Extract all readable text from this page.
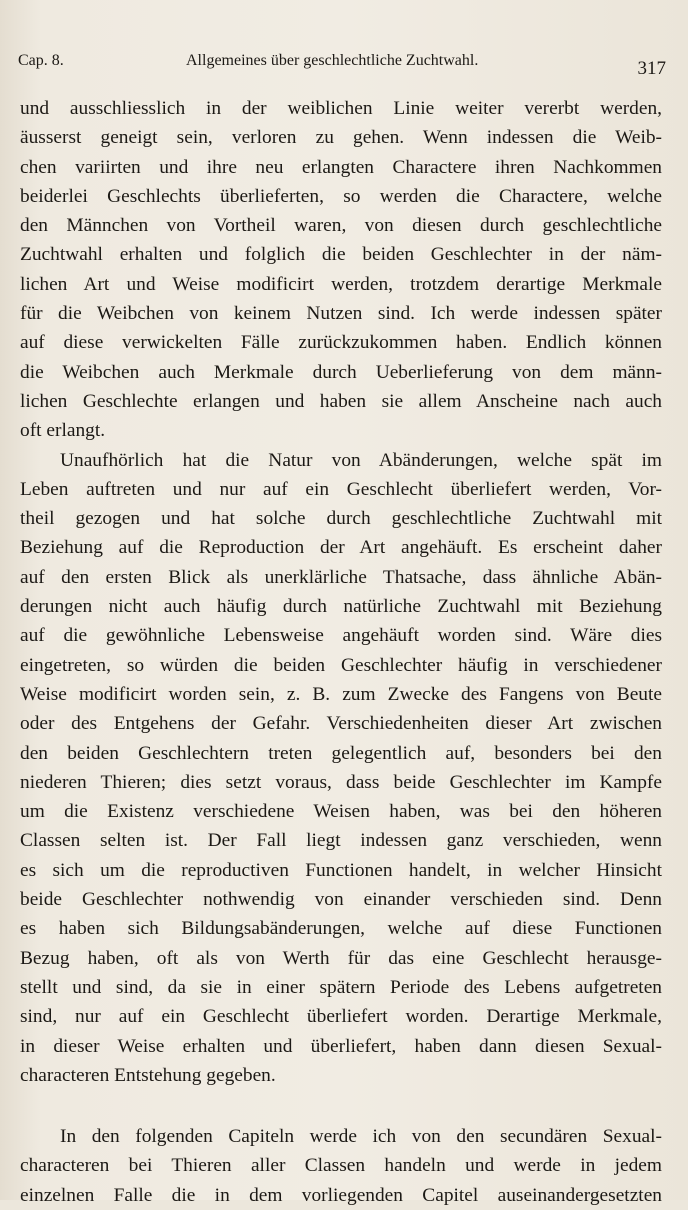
Cap. 8.	Allgemeines über geschlechtliche Zuchtwahl.	317
und ausschliesslich in der weiblichen Linie weiter vererbt werden,
äusserst geneigt sein, verloren zu gehen. Wenn indessen die Weib-
chen variirten und ihre neu erlangten Charactere ihren Nachkommen
beiderlei Geschlechts überlieferten, so werden die Charactere, welche
den Männchen von Vortheil waren, von diesen durch geschlechtliche
Zuchtwahl erhalten und folglich die beiden Geschlechter in der näm-
lichen Art und Weise modificirt werden, trotzdem derartige Merkmale
für die Weibchen von keinem Nutzen sind. Ich werde indessen später
auf diese verwickelten Fälle zurückzukommen haben. Endlich können
die Weibchen auch Merkmale durch Ueberlieferung von dem männ-
lichen Geschlechte erlangen und haben sie allem Anscheine nach auch
oft erlangt.
Unaufhörlich hat die Natur von Abänderungen, welche spät im
Leben auftreten und nur auf ein Geschlecht überliefert werden, Vor-
theil gezogen und hat solche durch geschlechtliche Zuchtwahl mit
Beziehung auf die Reproduction der Art angehäuft. Es erscheint daher
auf den ersten Blick als unerklärliche Thatsache, dass ähnliche Abän-
derungen nicht auch häufig durch natürliche Zuchtwahl mit Beziehung
auf die gewöhnliche Lebensweise angehäuft worden sind. Wäre dies
eingetreten, so würden die beiden Geschlechter häufig in verschiedener
Weise modificirt worden sein, z. B. zum Zwecke des Fangens von Beute
oder des Entgehens der Gefahr. Verschiedenheiten dieser Art zwischen
den beiden Geschlechtern treten gelegentlich auf, besonders bei den
niederen Thieren; dies setzt voraus, dass beide Geschlechter im Kampfe
um die Existenz verschiedene Weisen haben, was bei den höheren
Classen selten ist. Der Fall liegt indessen ganz verschieden, wenn
es sich um die reproductiven Functionen handelt, in welcher Hinsicht
beide Geschlechter nothwendig von einander verschieden sind. Denn
es haben sich Bildungsabänderungen, welche auf diese Functionen
Bezug haben, oft als von Werth für das eine Geschlecht herausge-
stellt und sind, da sie in einer spätern Periode des Lebens aufgetreten
sind, nur auf ein Geschlecht überliefert worden. Derartige Merkmale,
in dieser Weise erhalten und überliefert, haben dann diesen Sexual-
characteren Entstehung gegeben.
In den folgenden Capiteln werde ich von den secundären Sexual-
characteren bei Thieren aller Classen handeln und werde in jedem
einzelnen Falle die in dem vorliegenden Capitel auseinandergesetzten
